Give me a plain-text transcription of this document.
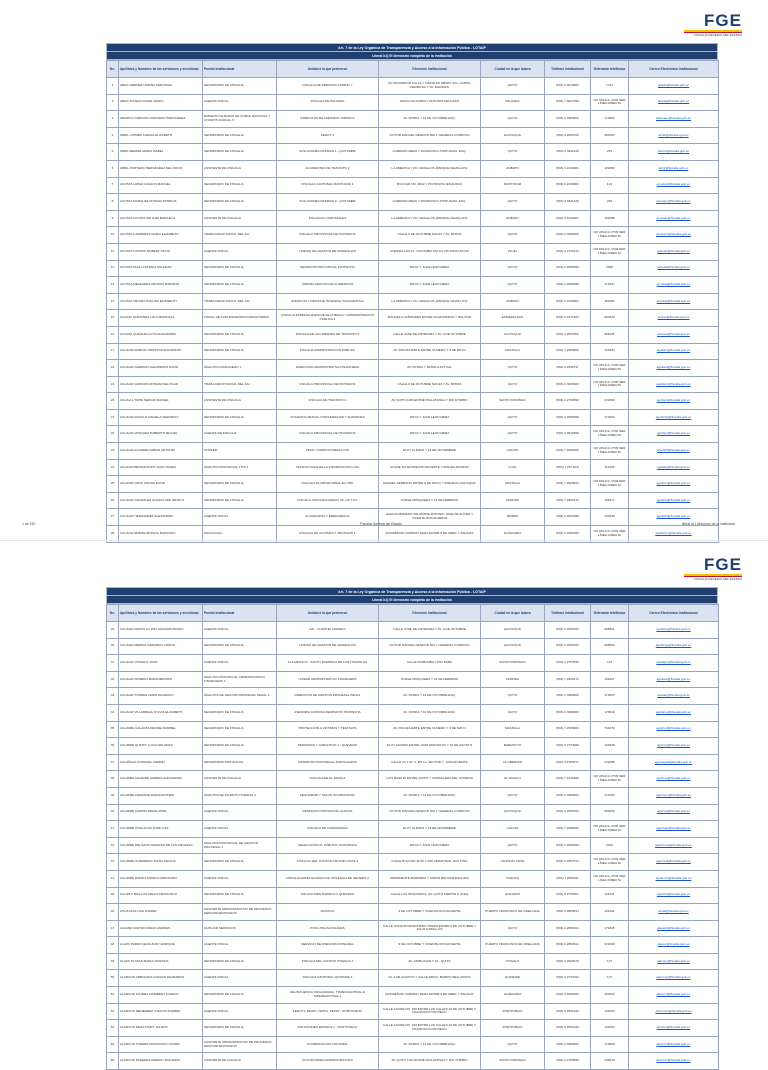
FGE
FISCALÍA GENERAL DEL ESTADO
Art. 7 de la Ley Orgánica de Transparencia y Acceso a la Información Pública - LOTAIP
Literal b1) El directorio completo de la institución
No.	Apellidos y Nombres de los servidores y servidoras	Puesto Institucional	Unidad a la que pertenece	Dirección institucional	Ciudad en la que labora	Teléfono institucional	Extensión telefónica	Correo Electrónico institucional
1	ABAD JIMENEZ URDINA VERONICA	SECRETARIO DE FISCALIA	FISCALIA DE PERSONA CAMINO Y	AV. EDUARDOR CALLE Y NAPOLES OBRAY ING. CAPRA. HERMOSA Y VIL MARINAS	QUITO	(593) 2 3614800	1742	abadv@fiscalia.gob.ec
2	ABAD TOLEDO ANGEL DARIO	AGENTE FISCAL	FISCALIA DE PALANDA	GRAN COLOMBIA Y ANTONIO DELGADO	PALANDA	(593) 7 3027096	NO APLICA, POR SER LÍNEA DIRECTA	abada@fiscalia.gob.ec
3	ABARCA CORDOVA JURIVERO HERNANDEZ	EXPERTO LETRADO DE CORTE NACIONAL Y CONSTITUCIONAL 5	DIRECCION DE ASESORIA JURIDICA	AV. PATRIA Y 12 DE OCTUBRE ESQ.	QUITO	(593) 2 3980800	173802	abarcaer@fiscalia.gob.ec
4	ABRIL CHIMBO KARINA ELIZABETH	SECRETARIO DE FISCALIA	FEDOT 3	VICTOR MANUEL RENDON 502 Y GENERAL CORDOVA	GUAYAQUIL	(593) 4 2096700	995183	abrilk@fiscalia.gob.ec
5	ABRIL MERIZE MARIA ISABEL	SECRETARIO DE FISCALIA	SOLUCIONES RAPIDAS 1 - QUITUMBE	LORENZO MEZA Y FRANCISCO ATAHUALPA, ESQ.	QUITO	(593) 2 3811430	254	abrilm@fiscalia.gob.ec
6	ABRIL PORTERO HERNÁNDEZ DEL ROCIO	ASISTENTE DE FISCALIA	ACCIDENTES DE TRANSITO 2	LA AMÉRICA Y AV. CEVALLOS (PARQUE CEVALLOS)	AMBATO	(593) 3 2420081	181883	abrilr@fiscalia.gob.ec
7	ACOSTA LOPEZ CARLOS MANUEL	SECRETARIO DE FISCALIA	FISCALIA CANTONAL MONTUFAR 1	BOLIVAR NO. 8022 Y PICHINCHA (ESQUINA)	MONTUFAR	(593) 6 2290800	124	acostac@fiscalia.gob.ec
8	ACOSTA MARQUEZ MYRIAM PATRICIA	SECRETARIO DE FISCALIA	SOLUCIONES RAPIDAS 2 - QUITUMBE	LORENZO MEZA Y FRANCISCO ATAHUALPA, ESQ.	QUITO	(593) 2 3811430	299	acostam@fiscalia.gob.ec
9	ACOSTA ACOSTA WILLIAM MARCELO	ASISTENTE DE FISCALIA	FISCALIAS CANTONALES	LA AMÉRICA Y AV. CEVALLOS (PARQUE CEVALLOS)	AMBATO	(593) 3 2420081	181888	acostaw@fiscalia.gob.ec
10	ACOSTA CARDENAS MARIA ELIZABETH	TRABAJADOR SOCIAL DEL SAI	FISCALIA PROVINCIAL DE PICHINCHA	CALLE 9 DE OCTUBRE N20-93 Y AV. PATRIA	QUITO	(593) 2 3995900	NO APLICA, POR SER LÍNEA DIRECTA	acostaml@fiscalia.gob.ec
11	ACOSTA CASTRO ROBERT SILVIO	AGENTE FISCAL	UNIDAD DE GESTION DE AUDIENCIAS	AVENIDA LOS FL. COLOMBO KM 1/2 VÍA SANTA ROSA	PUJILI	(593) 3 2726313	NO APLICA, POR SER LÍNEA DIRECTA	acostar@fiscalia.gob.ec
12	ACOSTA DIAZ LASTENIA SOLEDAD	SECRETARIO DE FISCALIA	DESPACHO PROVINCIAL PICHINCHA	ROCA Y JUAN LEON MERA	QUITO	(593) 2 2980059	2398	acostal@fiscalia.gob.ec
13	ACOSTA MELENDES ARTURO MARIANO	SECRETARIO DE FISCALIA	UNIDAD GESTION DE AUDIENCIAS	ROCA Y JUAN LEON MERA	QUITO	(593) 2 2980059	171847	acostaa@fiscalia.gob.ec
14	ACOSTA TRIVIÑA PAULINA ELIZABETH	TRABAJADOR SOCIAL DEL SAI	ATENCION Y PERITAJE INTEGRAL TUNGURAHUA	LA AMÉRICA Y AV. CEVALLOS (PARQUE CEVALLOS)	AMBATO	(593) 3 2420081	181855	acostap@fiscalia.gob.ec
15	ACURIO QUINONEZ LOLA MARICELA	FISCAL DE ADOLESCENTES INFRACTORES	FISCALIA ESPECIALIZADA DE FE PUBLICA Y ADMINISTRACION PUBLICA 2	MANUELA CAÑIZARES ENTRE SOLIDARIDAD Y BOLIVAR	ESMERALDAS	(593) 6 2271523	801819	acuriol@fiscalia.gob.ec
16	ACURIO QUESADA ALTIA ALEXANDRA	SECRETARIO DE FISCALIA	FISCALIA DE ACCIDENTES DE TRANSITO 5	CALLE JOSE DE ANTEPARA Y AV. 9 DE OCTUBRE	GUAYAQUIL	(593) 4 2597800	996105	acurioa@fiscalia.gob.ec
17	AGUILAR RAMOS CHRISTIAN RANDOLPH	SECRETARIO DE FISCALIA	FISCALIA ADMINISTRACION PUBLICA	AV. ROCAFUERTE ENTRE OLMEDO Y 9 DE MAYO	MACHALA	(593) 7 2966809	701834	aguilarc@fiscalia.gob.ec
18	AGUILAR GARRIDO ALEJANDRO DAVID	ANALISTA FINANCIERO 1	DIRECCION ADMINISTRATIVA FINANCIERA	AV. PATRIA Y PAÑOLA ACTUAL	QUITO	(593) 2 2930797	NO APLICA, POR SER LÍNEA DIRECTA	aguilard@fiscalia.gob.ec
19	AGUILAR GORDON MYRIAM DEL PILAR	TRABAJADOR SOCIAL DEL SAI	FISCALIA PROVINCIAL DE PICHINCHA	CALLE 9 DE OCTUBRE N20-93 Y AV. PATRIA	QUITO	(593) 2 3995900	NO APLICA, POR SER LÍNEA DIRECTA	aguilarm@fiscalia.gob.ec
20	AGUILA L TAIPE SERGIO RAFAEL	ASISTENTE DE FISCALIA	FISCALIA DE TRANSITO 2	AV QUITO 1163 ENTRE PALLATANGA Y RIO CHIMBO	SANTO DOMINGO	(593) 2 2760590	231869	aguilars@fiscalia.gob.ec
21	AGUILAR ANGULO DANIELA VERONICA	SECRETARIO DE FISCALIA	VIOLENCIA SEXUAL INTRAFAMILIAR Y ANADONAS	ROCA Y JUAN LEON MERA	QUITO	(593) 2 2980059	171863	aguilarda@fiscalia.gob.ec
22	AGUILAR VASQUEZ ROBERTH MIGUEL	AGENTE DE FISCALIA	FISCALIA PROVINCIAL DE PICHINCHA	ROCA Y JUAN LEON MERA	QUITO	(593) 2 3810650	NO APLICA, POR SER LÍNEA DIRECTA	aguilarr@fiscalia.gob.ec
23	AGUILAR AGUIRRE FABIAN ANTONIO	CHOFER	PEON, CONDUCTORES LOJA	ELOY ALFARO Y 18 DE NOVIEMBRE	CALVAS	(593) 7 2689020	NO APLICA, POR SER LÍNEA DIRECTA	aguilarf@fiscalia.gob.ec
24	AGUILAR BETANCOURT JUAN JAVIER	ANALISTA PROVINCIAL TICS 1	TECNOLOGIAS DE LA INFORMACION LOJA	SUCRE NO ENTRE ROCAFUERTE Y MIGUEL RIOFRIO	LOJA	(593) 7 2571119	111459	aguilarj@fiscalia.gob.ec
25	AGUILAR CRUZ OSCAR DAVID	SECRETARIO DE FISCALIA	FISCALIA PLURINACIONAL EL ORO	MANUEL SERRANO ENTRE 9 DE MAYO Y AVENIDA GUAYAQUIL	MACHALA	(593) 7 2929622	NO APLICA, POR SER LÍNEA DIRECTA	aguilaro@fiscalia.gob.ec
26	AGUILAR GONZALEZ GUADALUPE JENNYA	SECRETARIO DE FISCALIA	FISCALIA ASOCIADA FEDOT, FF, UP Y PC	JORGE MOSQUERA Y 12 DE FEBRERO	ZAMORA	(593) 7 2606172	191817	aguilarg@fiscalia.gob.ec
27	AGUILAR HERNANDEZ ALEXANDRA	AGENTE FISCAL	FLAGRANCIA Y EMERGENCIA	GARCIA MORENO 490 ENTRE ANTONIO JOSE DE SUCRE Y VICENTE ROCAFUERTE	IBARRA	(593) 6 2602359	101838	aguilarh@fiscalia.gob.ec
28	AGUILAR IBARRA MONICA MARGORY	PSICOLOGA	FISCALIA DE VICTIMAS Y TESTIGOS 1	MONSEÑOR CANDIDO RADA ENTRE 9 DE ABRIL Y SALINAS	GUARANDA	(593) 3 2982080	NO APLICA, POR SER LÍNEA DIRECTA	aguilarmo@fiscalia.gob.ec
1 de 190	Fiscalía General del Estado	literal b1) directorio de la institución
FGE
FISCALÍA GENERAL DEL ESTADO
Art. 7 de la Ley Orgánica de Transparencia y Acceso a la Información Pública - LOTAIP
Literal b1) El directorio completo de la institución
No.	Apellidos y Nombres de los servidores y servidoras	Puesto Institucional	Unidad a la que pertenece	Dirección institucional	Ciudad en la que labora	Teléfono institucional	Extensión telefónica	Correo Electrónico institucional
29	AGUILAR MARTILLO WILLIAM MARTINIANO	AGENTE FISCAL	SAI - CUARTEL MODELO	CALLE JOSE DE ANTEPARA Y AV. 9 DE OCTUBRE	GUAYAQUIL	(593) 4 2096700	995831	aguilarw@fiscalia.gob.ec
30	AGUILAR MERIDA GERARDO VINICIO	SECRETARIO DE FISCALIA	UNIDAD DE GESTION DE AUDIENCIAS	VICTOR MANUEL RENDON 502 Y GENERAL CORDOVA	GUAYAQUIL	(593) 4 2096700	995853	aguilarge@fiscalia.gob.ec
31	AGUILAR OTAVALO JUAN	AGENTE FISCAL	FLAGRANCIA - SANTO DOMINGO DE LOS TSACHILAS	CALLE RIOBAMBA Y RIO BABA	SANTO DOMINGO	(593) 2 2757845	113	aguilarju@fiscalia.gob.ec
32	AGUILAR ROSERO MARIA BEATRIZ	ANALISTA PROVINCIAL ADMINISTRATIVO FINANCIERO 1	UNIDAD ADMINISTRATIVO FINANCIERA	JORGE MOSQUERA Y 12 DE FEBRERO	ZAMORA	(593) 7 2606172	191827	aguilarb@fiscalia.gob.ec
33	AGUILAR TORRES LENIN MAURICIO	ANALISTA DE GESTION PROCESAL PENAL 1	DIRECCION DE GESTION PROCESAL PENAL	AV. PATRIA Y 12 DE OCTUBRE ESQ.	QUITO	(593) 2 3980800	173837	aguilarl@fiscalia.gob.ec
34	AGUILAR VILLARREAL SYLVIA ELIZABETH	SECRETARIO DE FISCALIA	ASESORIA JURIDICA DESPACHO PICHINCHA	AV. PATRIA Y 12 DE OCTUBRE ESQ.	QUITO	(593) 2 3980800	173819	aguilarsy@fiscalia.gob.ec
35	AGUIRRE GALARZA DENISE MARIBEL	SECRETARIO DE FISCALIA	PROTECCION A VICTIMAS Y TESTIGOS	AV. ROCAFUERTE ENTRE OLMEDO Y 9 DE MAYO	MACHALA	(593) 7 2966809	701870	aguirred@fiscalia.gob.ec
36	AGUIRRE QUINTO LUCIA DOLORES	SECRETARIO DE FISCALIA	PERSONAS Y GARANTIAS 1 - QUEVEDO	ELOY ALFARO ENTRE JUAN MONTALVO Y 10 DE AGOSTO	BABAHOYO	(593) 5 2734999	121838	aguirrel@fiscalia.gob.ec
37	AGUIÑAGA CORONEL ANDREI	SECRETARIO PROVINCIAL	DESPACHO PROVINCIAL SANTA ELENA	CALLE 23 Y AV. 5, MZ 12, SECTOR 7 - ROCAFUERTE	LA LIBERTAD	(593) 4 2785071	241885	aguinagaa@fiscalia.gob.ec
38	AGUIRRE AGUIRRE ANDRES ALEXANDER	ASISTENTE DE FISCALIA	FISCALIA DE EL PANGUI	LUIS BASILIO ENTRE QUITO Y CORDILLERA DEL CONDOR	EL PANGUI	(593) 7 2310466	NO APLICA, POR SER LÍNEA DIRECTA	aguirrea@fiscalia.gob.ec
39	AGUIRRE ANDRADE MARIA ESTHER	ANALISTA DE TALENTO HUMANO 2	SEGURIDAD Y SALUD OCUPACIONAL	AV. PATRIA Y 12 DE OCTUBRE ESQ.	QUITO	(593) 2 3980800	173186	aguirrem@fiscalia.gob.ec
40	AGUIRRE CARRIO MARIA JOSE	AGENTE FISCAL	DESPACHO PROVINCIAL GUAYAS	VICTOR MANUEL RENDON 502 Y GENERAL CORDOVA	GUAYAQUIL	(593) 4 2096700	995833	aguirrej@fiscalia.gob.ec
41	AGUIRRE CHALACAN JOSE LUIS	AGENTE FISCAL	FISCALIA DE CARIAMANGA	ELOY ALFARO Y 18 DE NOVIEMBRE	CALVAS	(593) 7 2689020	NO APLICA, POR SER LÍNEA DIRECTA	aguirrejo@fiscalia.gob.ec
42	AGUIRRE DELGADO MARIANA DE LOS ÁNGELES	ANALISTA PROVINCIAL DE GESTION PROCESAL 1	DELEGACION AL PUBLICO JUANJONAS	ROCA Y JUAN LEON MERA	QUITO	(593) 2 2980059	2326	aguirrema@fiscalia.gob.ec
43	AGUIRRE GUERRERO DIANA CECILIA	SECRETARIO DE FISCALIA	FISCALIA 1ER. CANTON ANTONIO ANTE 2	CALLE BOLIVAR 11-53 Y RIO AMAZONAS, 2DO PISO	ANTONIO ANTE	(593) 6 2907513	NO APLICA, POR SER LÍNEA DIRECTA	aguirredi@fiscalia.gob.ec
44	AGUIRRE RAMOS MONICA FERNANDA	AGENTE FISCAL	FISCALIA ESPECIALIZADA DE VIOLENCIA DE GENERO 2	PRESIDENTE BORRERO Y SIMON BOLIVAR ESQUINA	CUENCA	(593) 7 2849011	NO APLICA, POR SER LÍNEA DIRECTA	aguirremf@fiscalia.gob.ec
45	AGURTO BUILLON DIEGO FRANCISCO	SECRETARIO DE FISCALIA	SOLUCIONES RAPIDAS 2 QUEVEDO	CALLE LAS ORQUIDEAS, AV. QUITO FRENTE A UTEQ	QUEVEDO	(593) 5 2750067	121841	agurtod@fiscalia.gob.ec
46	AHUA DIAZ LUIS OSWER	ASISTENTE ADMINISTRATIVO DE PROCESOS DESCONCENTRADOS	ARCHIVO	9 DE OCTUBRE Y VICENTE ROCAFUERTE	PUERTO FRANCISCO DE ORELLANA	(593) 6 2883814	221811	ahual@fiscalia.gob.ec
47	ALAVAR CASTRO DIEGO ANDRES	AUXILIAR SERVICIOS	POOL PDA AUXILIARES	CALLE JOAQUIN MANCHENO TUERO ENTRE 9 DE OCTUBRE Y JULIO CABALLOS	QUITO	(593) 2 2883264	171825	alavard@fiscalia.gob.ec
48	ALAVO PARDO LENA ZUDY ENRIQUE	AGENTE FISCAL	SERVICIO DE ATENCION INTEGRAL	9 DE OCTUBRE Y VICENTE ROCAFUERTE	PUERTO FRANCISCO DE ORELLANA	(593) 6 2883814	221809	alavoz@fiscalia.gob.ec
49	ALAVO PLAZAS MARIA CRISTINA	SECRETARIO DE FISCALIA	FISCALIA DEL CANTON OTAVALO 1	AV. ATAHUALPA Y 24 - QUITO	OTAVALO	(593) 6 2920079	107	alavom@fiscalia.gob.ec
50	ALARCON ARBOLEDA CARLOS LEONARDO	AGENTE FISCAL	FISCALIA CANTONAL QUININDE 3	AV. 3 DE AGOSTO Y CALLE ERICA, BARRIO BELLAVISTA	QUININDE	(593) 6 2737022	107	alarconc@fiscalia.gob.ec
51	ALARCON FLORES MARIBERT LORENA	SECRETARIO DE FISCALIA	DELINCUENCIA ORGANIZADA, TRANSNACIONAL E INTERNACIONAL 1	MONSEÑOR CANDIDO RADA ENTRE 9 DE ABRIL Y SALINAS	GUARANDA	(593) 3 2982080	201823	alarconl@fiscalia.gob.ec
52	ALARCON MENENDEZ CARLOS ANDRES	AGENTE FISCAL	FEDOT1, PEAP1, FEPF1, FEPF2 - PORTOVIEJO	CALLE SUCRE NO. 910 ENTRE LAS CALLES 18 DE OCTUBRE Y FRANCISCO PACHECO	PORTOVIEJO	(593) 5 2651632	131823	alarconca@fiscalia.gob.ec
53	ALARCON MEZA CINDY JULIETA	SECRETARIO DE FISCALIA	SOLUCIONES RAPIDAS 1 - PORTOVIEJO	CALLE SUCRE NO. 910 ENTRE LAS CALLES 18 DE OCTUBRE Y FRANCISCO PACHECO	PORTOVIEJO	(593) 5 2651632	131863	alarconj@fiscalia.gob.ec
54	ALARCON TORRES FRANCISCO XAVIER	ASISTENTE ADMINISTRATIVO DE PROCESOS DESCONCENTRADOS	COORDINACION NACIONAL	AV. PATRIA Y 12 DE OCTUBRE ESQ.	QUITO	(593) 2 3980800	173809	alarconf@fiscalia.gob.ec
55	ALARCON PAREDES FREDDY ROLANDO	ASISTENTE DE FISCALIA	ACTUACIONES ADMINISTRATIVAS	AV QUITO 1163 ENTRE PALLATANGA Y RIO CHIMBO	SANTO DOMINGO	(593) 2 2760590	231819	alarconr@fiscalia.gob.ec
